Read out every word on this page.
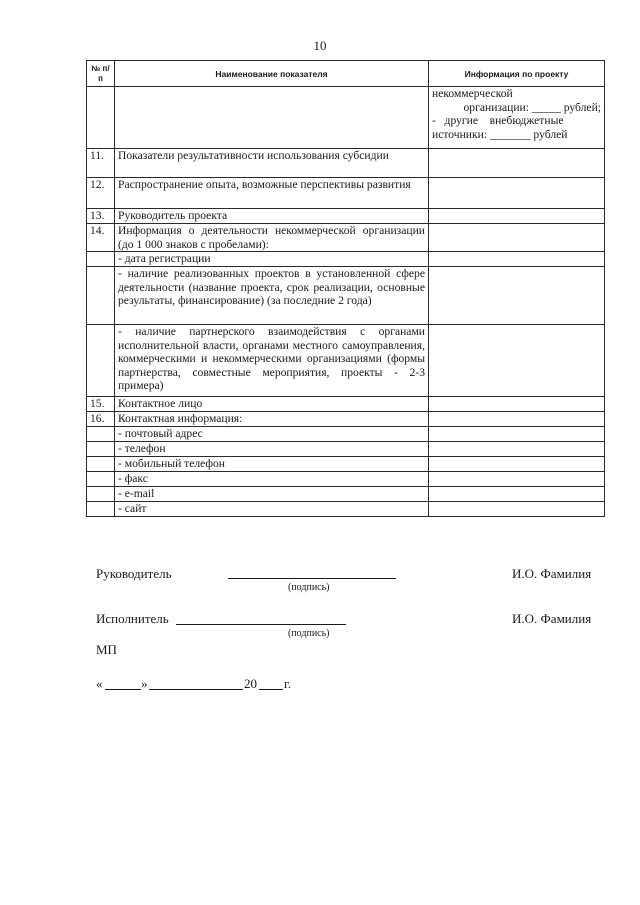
10
№ п/п	Наименование показателя	Информация по проекту

		некоммерческой
организации: _____ рублей;
-   другие    внебюджетные
источники: _______ рублей

11.	Показатели результативности использования субсидии	
12.	Распространение опыта, возможные перспективы развития	
13.	Руководитель проекта	
14.	Информация о деятельности некоммерческой организации (до 1 000 знаков с пробелами):	
	- дата регистрации	
	- наличие реализованных проектов в установленной сфере деятельности (название проекта, срок реализации, основные результаты, финансирование) (за последние 2 года)	
	- наличие партнерского взаимодействия с органами исполнительной власти, органами местного самоуправления, коммерческими и некоммерческими организациями (формы партнерства, совместные мероприятия, проекты - 2-3 примера)	
15.	Контактное лицо	
16.	Контактная информация:	
	- почтовый адрес	
	- телефон	
	- мобильный телефон	
	- факс	
	- e-mail	
	- сайт	
Руководитель
(подпись)
И.О. Фамилия
Исполнитель
(подпись)
И.О. Фамилия
МП
«	»	20 г.
